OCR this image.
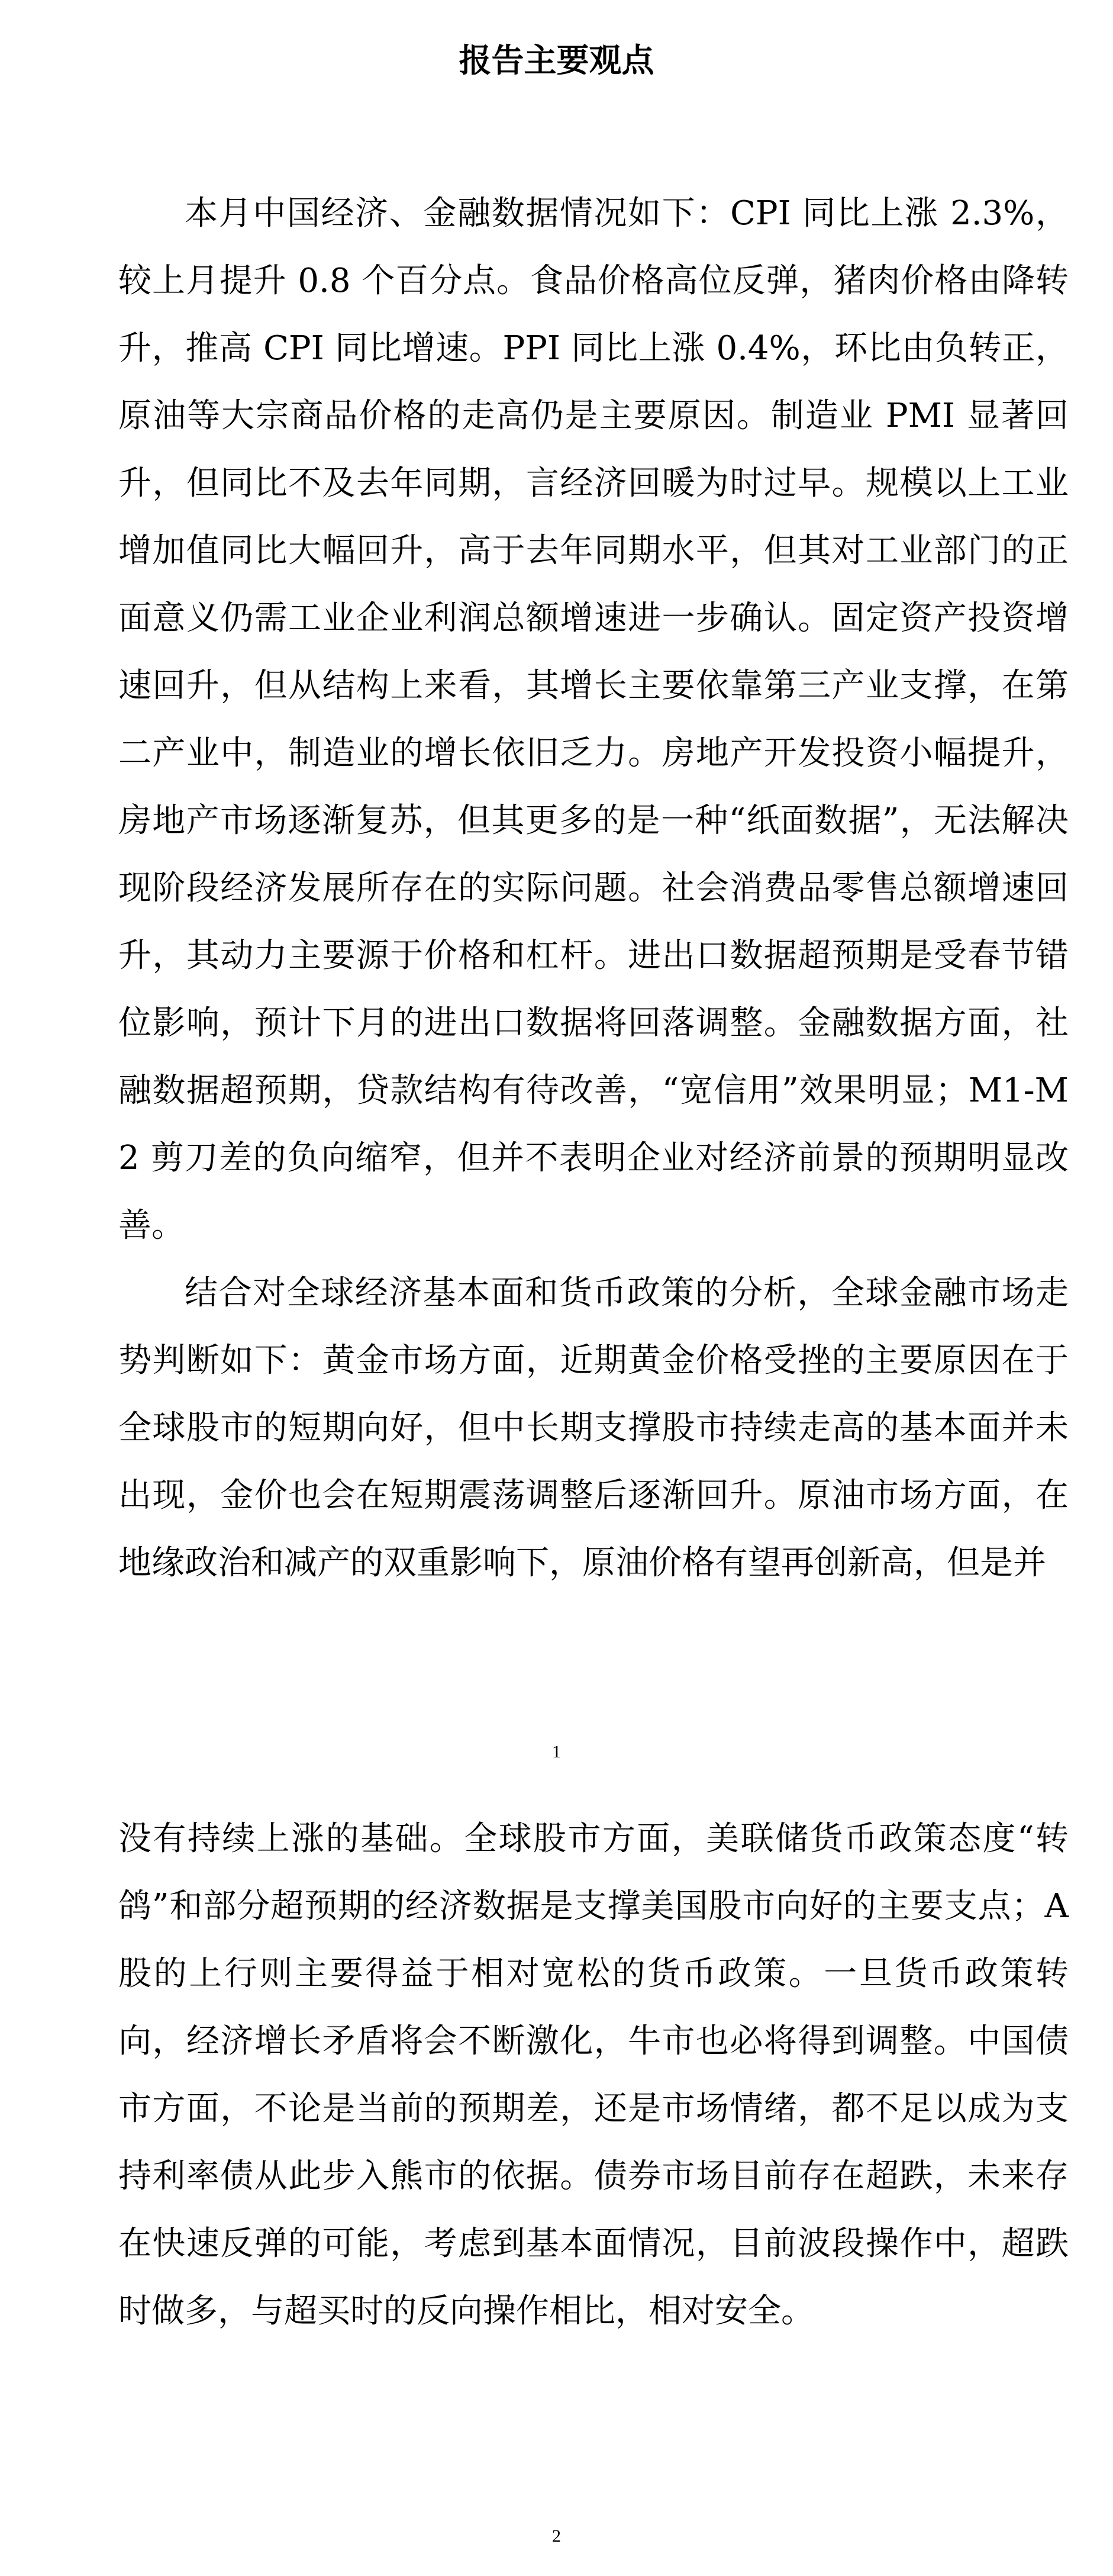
报告主要观点

本月中国经济、金融数据情况如下：CPI 同比上涨 2.3%，较上月提升 0.8 个百分点。食品价格高位反弹，猪肉价格由降转升，推高 CPI 同比增速。PPI 同比上涨 0.4%，环比由负转正，原油等大宗商品价格的走高仍是主要原因。制造业 PMI 显著回升，但同比不及去年同期，言经济回暖为时过早。规模以上工业增加值同比大幅回升，高于去年同期水平，但其对工业部门的正面意义仍需工业企业利润总额增速进一步确认。固定资产投资增速回升，但从结构上来看，其增长主要依靠第三产业支撑，在第二产业中，制造业的增长依旧乏力。房地产开发投资小幅提升，房地产市场逐渐复苏，但其更多的是一种“纸面数据”，无法解决现阶段经济发展所存在的实际问题。社会消费品零售总额增速回升，其动力主要源于价格和杠杆。进出口数据超预期是受春节错位影响，预计下月的进出口数据将回落调整。金融数据方面，社融数据超预期，贷款结构有待改善，“宽信用”效果明显；M1-M2 剪刀差的负向缩窄，但并不表明企业对经济前景的预期明显改善。

结合对全球经济基本面和货币政策的分析，全球金融市场走势判断如下：黄金市场方面，近期黄金价格受挫的主要原因在于全球股市的短期向好，但中长期支撑股市持续走高的基本面并未出现，金价也会在短期震荡调整后逐渐回升。原油市场方面，在地缘政治和减产的双重影响下，原油价格有望再创新高，但是并

1

没有持续上涨的基础。全球股市方面，美联储货币政策态度“转鸽”和部分超预期的经济数据是支撑美国股市向好的主要支点；A 股的上行则主要得益于相对宽松的货币政策。一旦货币政策转向，经济增长矛盾将会不断激化，牛市也必将得到调整。中国债市方面，不论是当前的预期差，还是市场情绪，都不足以成为支持利率债从此步入熊市的依据。债券市场目前存在超跌，未来存在快速反弹的可能，考虑到基本面情况，目前波段操作中，超跌时做多，与超买时的反向操作相比，相对安全。

2
